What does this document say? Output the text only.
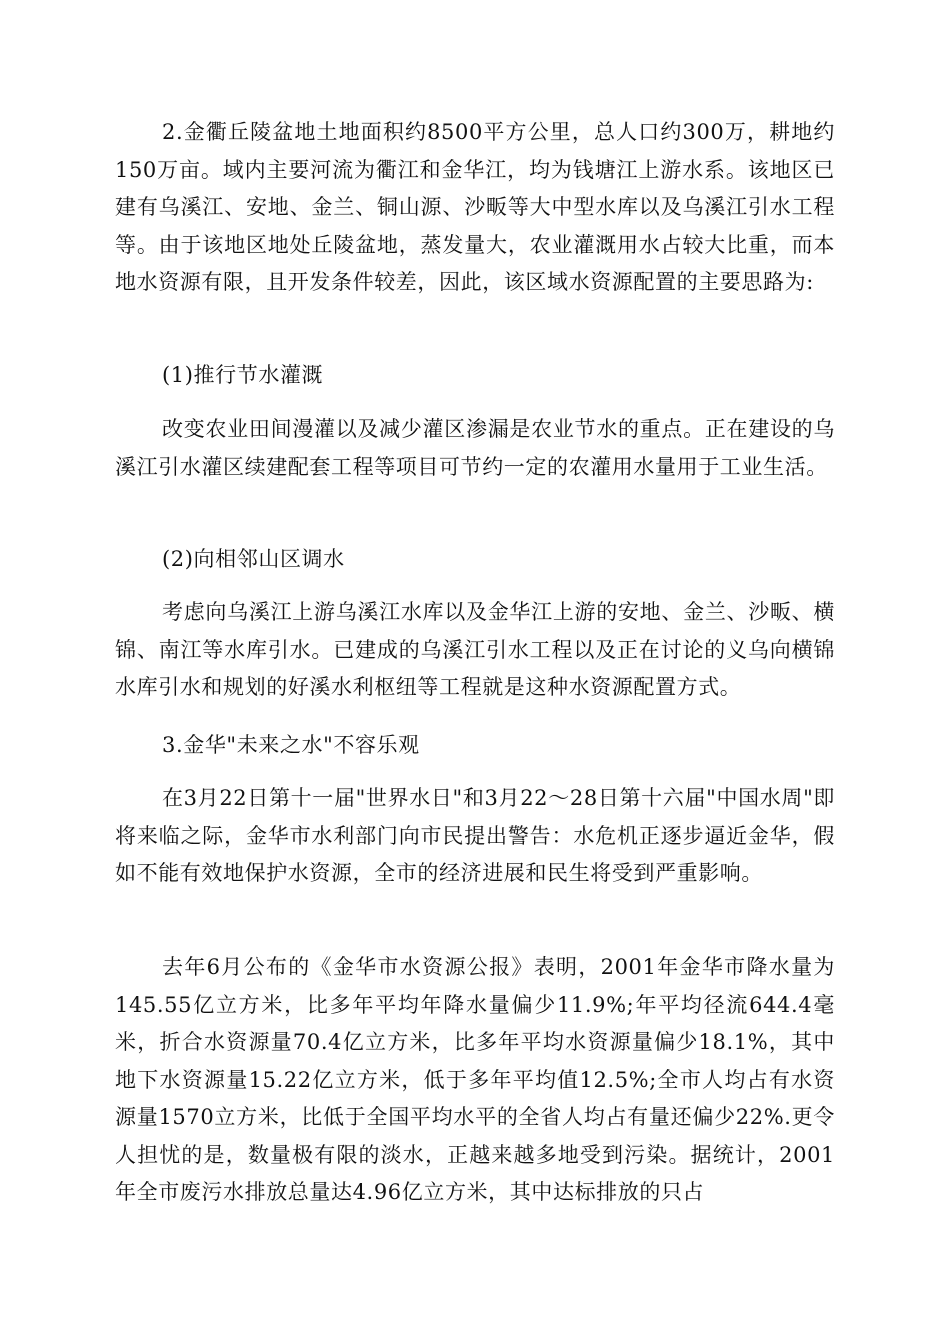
2.金衢丘陵盆地土地面积约8500平方公里，总人口约300万，耕地约150万亩。域内主要河流为衢江和金华江，均为钱塘江上游水系。该地区已建有乌溪江、安地、金兰、铜山源、沙畈等大中型水库以及乌溪江引水工程等。由于该地区地处丘陵盆地，蒸发量大，农业灌溉用水占较大比重，而本地水资源有限，且开发条件较差，因此，该区域水资源配置的主要思路为:

(1)推行节水灌溉

改变农业田间漫灌以及减少灌区渗漏是农业节水的重点。正在建设的乌溪江引水灌区续建配套工程等项目可节约一定的农灌用水量用于工业生活。

(2)向相邻山区调水

考虑向乌溪江上游乌溪江水库以及金华江上游的安地、金兰、沙畈、横锦、南江等水库引水。已建成的乌溪江引水工程以及正在讨论的义乌向横锦水库引水和规划的好溪水利枢纽等工程就是这种水资源配置方式。

3.金华"未来之水"不容乐观

在3月22日第十一届"世界水日"和3月22～28日第十六届"中国水周"即将来临之际，金华市水利部门向市民提出警告：水危机正逐步逼近金华，假如不能有效地保护水资源，全市的经济进展和民生将受到严重影响。

去年6月公布的《金华市水资源公报》表明，2001年金华市降水量为145.55亿立方米，比多年平均年降水量偏少11.9%;年平均径流644.4毫米，折合水资源量70.4亿立方米，比多年平均水资源量偏少18.1%，其中地下水资源量15.22亿立方米，低于多年平均值12.5%;全市人均占有水资源量1570立方米，比低于全国平均水平的全省人均占有量还偏少22%.更令人担忧的是，数量极有限的淡水，正越来越多地受到污染。据统计，2001年全市废污水排放总量达4.96亿立方米，其中达标排放的只占
